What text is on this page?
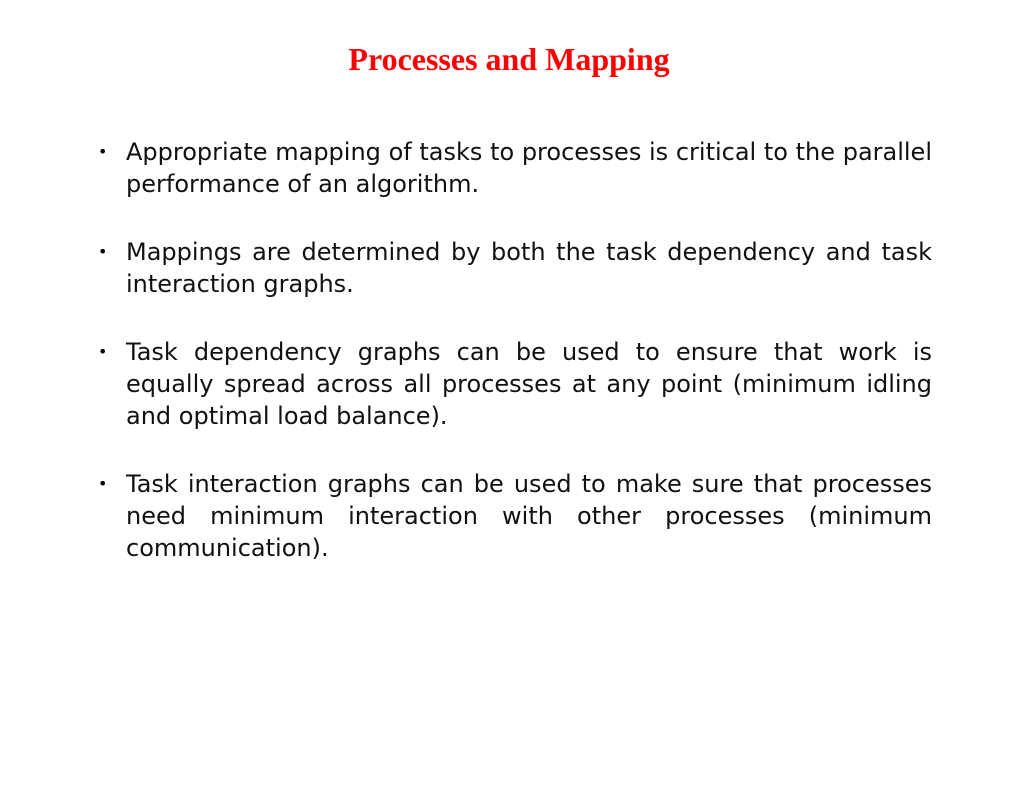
Processes and Mapping
• Appropriate mapping of tasks to processes is critical to the parallel performance of an algorithm.
• Mappings are determined by both the task dependency and task interaction graphs.
• Task dependency graphs can be used to ensure that work is equally spread across all processes at any point (minimum idling and optimal load balance).
• Task interaction graphs can be used to make sure that processes need minimum interaction with other processes (minimum communication).
